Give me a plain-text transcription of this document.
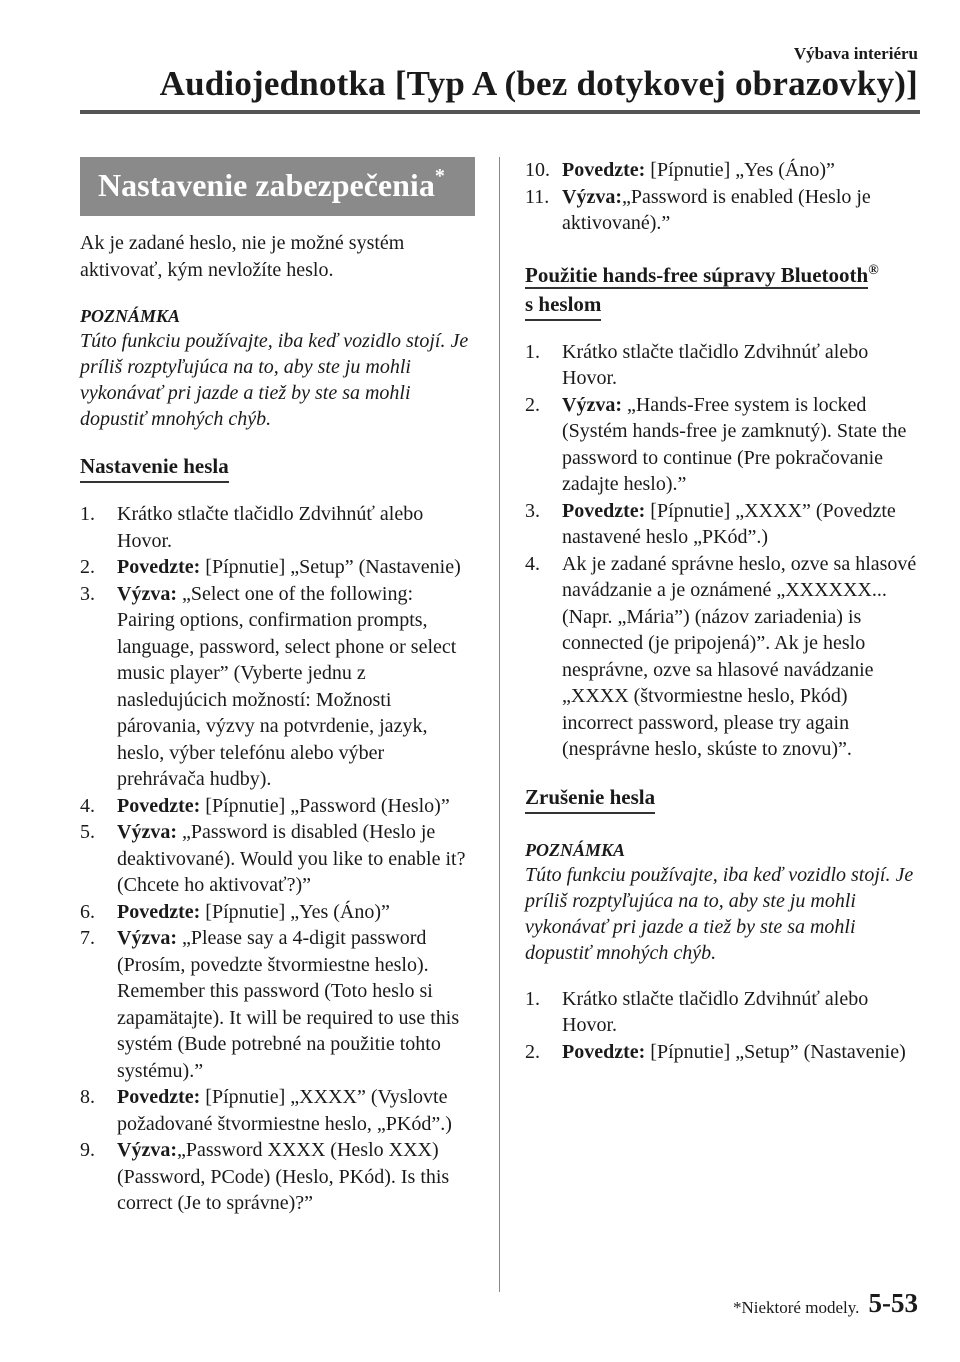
Výbava interiéru
Audiojednotka [Typ A (bez dotykovej obrazovky)]
Nastavenie zabezpečenia*

Ak je zadané heslo, nie je možné systém aktivovať, kým nevložíte heslo.

POZNÁMKA
Túto funkciu používajte, iba keď vozidlo stojí. Je príliš rozptyľujúca na to, aby ste ju mohli vykonávať pri jazde a tiež by ste sa mohli dopustiť mnohých chýb.
Nastavenie hesla
1.	Krátko stlačte tlačidlo Zdvihnúť alebo Hovor.
2.	Povedzte: [Pípnutie] „Setup” (Nastavenie)
3.	Výzva: „Select one of the following: Pairing options, confirmation prompts, language, password, select phone or select music player” (Vyberte jednu z nasledujúcich možností: Možnosti párovania, výzvy na potvrdenie, jazyk, heslo, výber telefónu alebo výber prehrávača hudby).
4.	Povedzte: [Pípnutie] „Password (Heslo)”
5.	Výzva: „Password is disabled (Heslo je deaktivované). Would you like to enable it? (Chcete ho aktivovať?)”
6.	Povedzte: [Pípnutie] „Yes (Áno)”
7.	Výzva: „Please say a 4-digit password (Prosím, povedzte štvormiestne heslo). Remember this password (Toto heslo si zapamätajte). It will be required to use this systém (Bude potrebné na použitie tohto systému).”
8.	Povedzte: [Pípnutie] „XXXX” (Vyslovte požadované štvormiestne heslo, „PKód”.)
9.	Výzva:„Password XXXX (Heslo XXX) (Password, PCode) (Heslo, PKód). Is this correct (Je to správne)?”
10. Povedzte: [Pípnutie] „Yes (Áno)”
11. Výzva:„Password is enabled (Heslo je aktivované).”
Použitie hands-free súpravy Bluetooth®
s heslom
1.	Krátko stlačte tlačidlo Zdvihnúť alebo Hovor.
2.	Výzva: „Hands-Free system is locked (Systém hands-free je zamknutý). State the password to continue (Pre pokračovanie zadajte heslo).”
3.	Povedzte: [Pípnutie] „XXXX” (Povedzte nastavené heslo „PKód”.)
4.	Ak je zadané správne heslo, ozve sa hlasové navádzanie a je oznámené „XXXXXX... (Napr. „Mária”) (názov zariadenia) is connected (je pripojená)”. Ak je heslo nesprávne, ozve sa hlasové navádzanie „XXXX (štvormiestne heslo, Pkód) incorrect password, please try again (nesprávne heslo, skúste to znovu)”.
Zrušenie hesla
POZNÁMKA
Túto funkciu používajte, iba keď vozidlo stojí. Je príliš rozptyľujúca na to, aby ste ju mohli vykonávať pri jazde a tiež by ste sa mohli dopustiť mnohých chýb.
1.	Krátko stlačte tlačidlo Zdvihnúť alebo Hovor.
2.	Povedzte: [Pípnutie] „Setup” (Nastavenie)
*Niektoré modely. 5-53
